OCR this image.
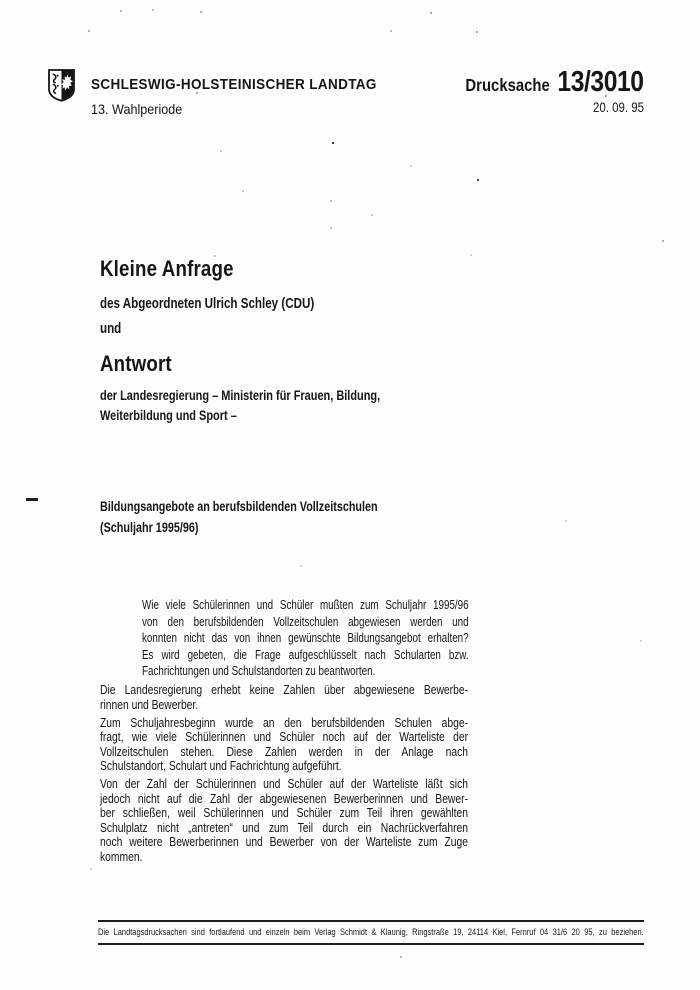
SCHLESWIG-HOLSTEINISCHER LANDTAG
13. Wahlperiode
Drucksache 13/3010
20. 09. 95
Kleine Anfrage
des Abgeordneten Ulrich Schley (CDU)
und
Antwort
der Landesregierung – Ministerin für Frauen, Bildung,
Weiterbildung und Sport –
Bildungsangebote an berufsbildenden Vollzeitschulen
(Schuljahr 1995/96)
Wie viele Schülerinnen und Schüler mußten zum Schuljahr 1995/96
von den berufsbildenden Vollzeitschulen abgewiesen werden und
konnten nicht das von ihnen gewünschte Bildungsangebot erhalten?
Es wird gebeten, die Frage aufgeschlüsselt nach Schularten bzw.
Fachrichtungen und Schulstandorten zu beantworten.
Die Landesregierung erhebt keine Zahlen über abgewiesene Bewerbe-
rinnen und Bewerber.
Zum Schuljahresbeginn wurde an den berufsbildenden Schulen abge-
fragt, wie viele Schülerinnen und Schüler noch auf der Warteliste der
Vollzeitschulen stehen. Diese Zahlen werden in der Anlage nach
Schulstandort, Schulart und Fachrichtung aufgeführt.
Von der Zahl der Schülerinnen und Schüler auf der Warteliste läßt sich
jedoch nicht auf die Zahl der abgewiesenen Bewerberinnen und Bewer-
ber schließen, weil Schülerinnen und Schüler zum Teil ihren gewählten
Schulplatz nicht „antreten“ und zum Teil durch ein Nachrückverfahren
noch weitere Bewerberinnen und Bewerber von der Warteliste zum Zuge
kommen.
Die Landtagsdrucksachen sind fortlaufend und einzeln beim Verlag Schmidt & Klaunig, Ringstraße 19, 24114 Kiel, Fernruf 04 31/6 20 95, zu beziehen.
